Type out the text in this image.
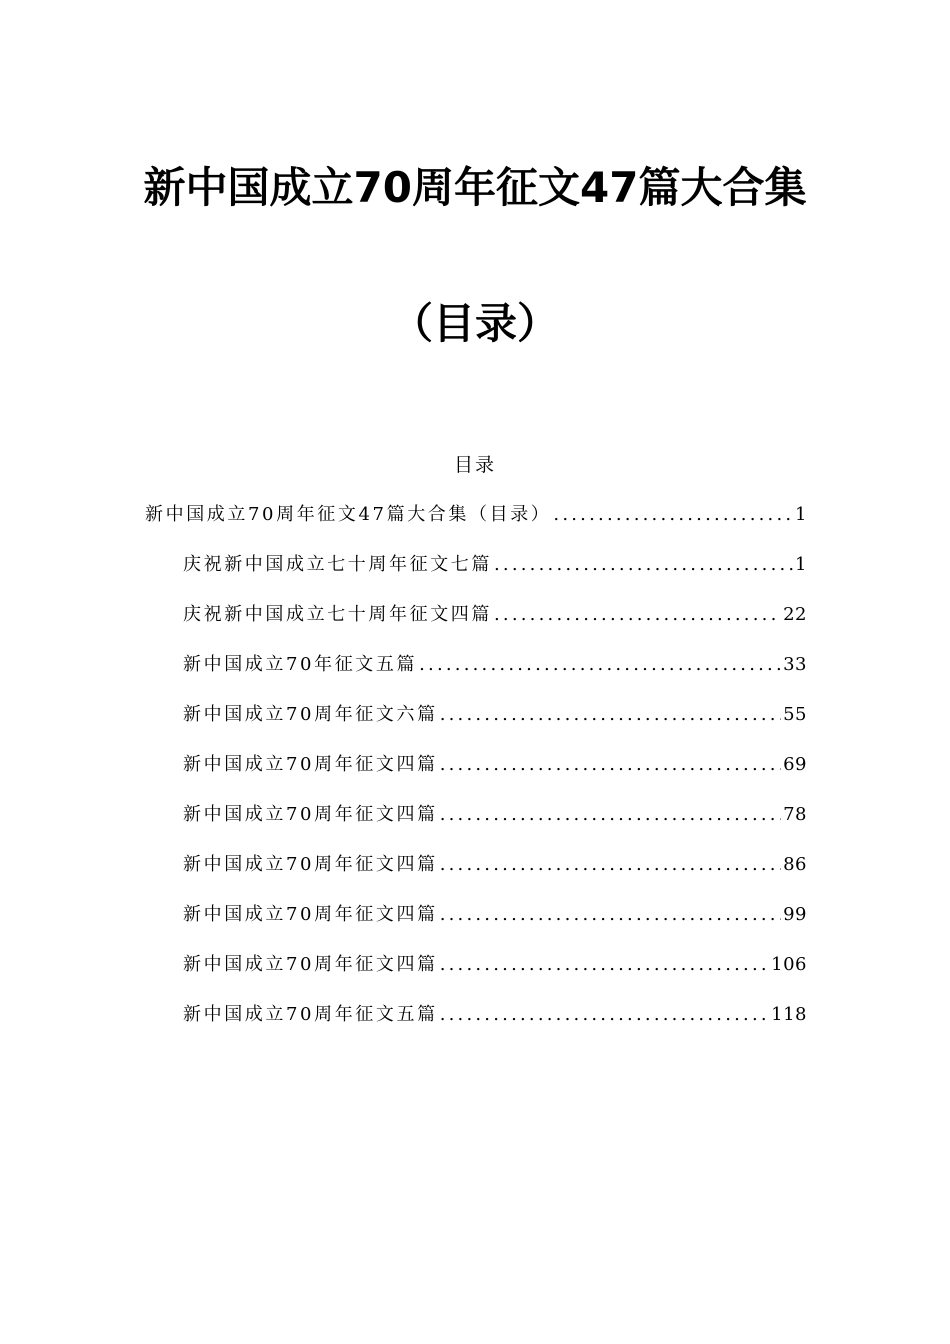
新中国成立70周年征文47篇大合集
（目录）
目录
新中国成立70周年征文47篇大合集（目录） .....	1
庆祝新中国成立七十周年征文七篇 .....	1
庆祝新中国成立七十周年征文四篇 .....	22
新中国成立70年征文五篇 .....	33
新中国成立70周年征文六篇 .....	55
新中国成立70周年征文四篇 .....	69
新中国成立70周年征文四篇 .....	78
新中国成立70周年征文四篇 .....	86
新中国成立70周年征文四篇 .....	99
新中国成立70周年征文四篇 .....	106
新中国成立70周年征文五篇 .....	118
